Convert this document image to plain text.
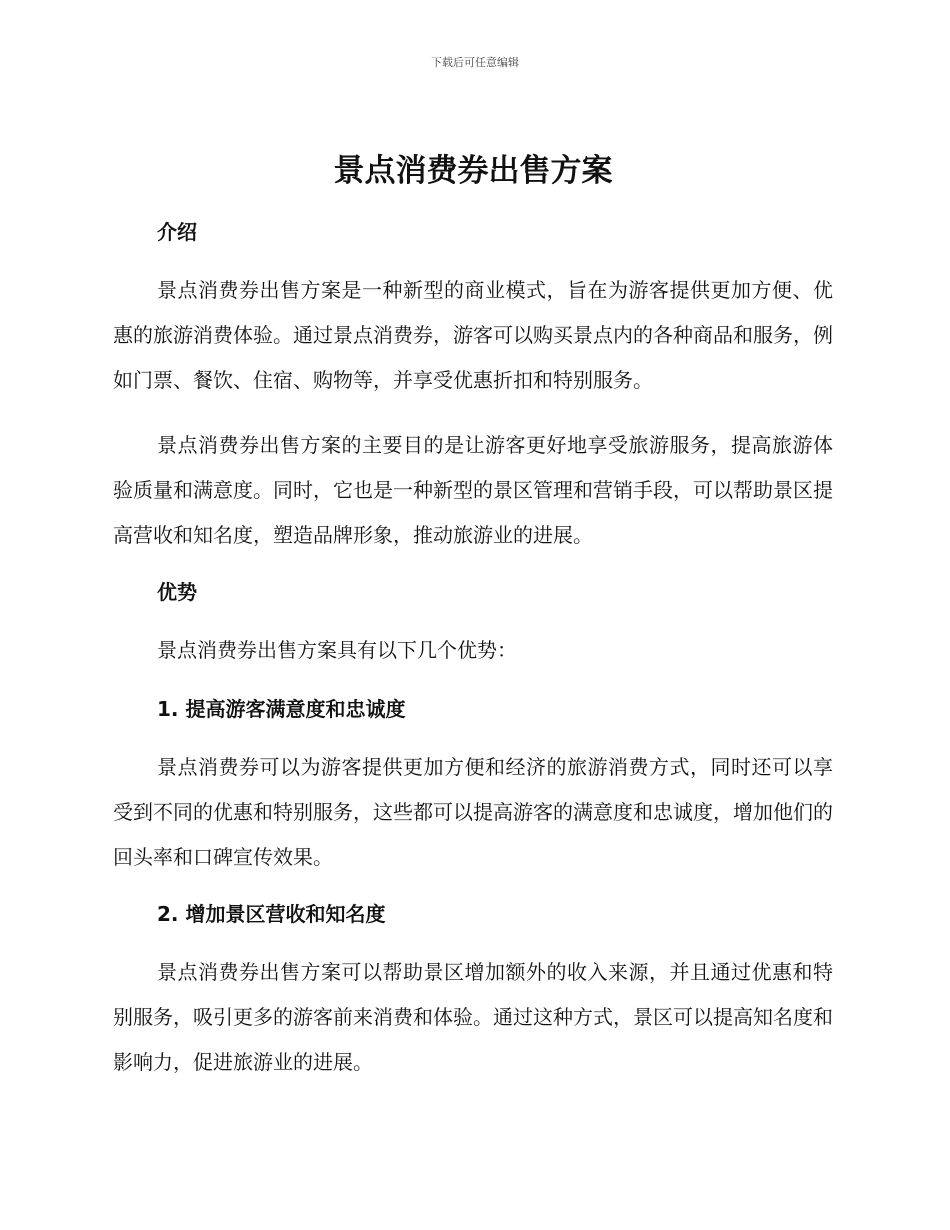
下载后可任意编辑
景点消费券出售方案
介绍
景点消费券出售方案是一种新型的商业模式，旨在为游客提供更加方便、优惠的旅游消费体验。通过景点消费券，游客可以购买景点内的各种商品和服务，例如门票、餐饮、住宿、购物等，并享受优惠折扣和特别服务。
景点消费券出售方案的主要目的是让游客更好地享受旅游服务，提高旅游体验质量和满意度。同时，它也是一种新型的景区管理和营销手段，可以帮助景区提高营收和知名度，塑造品牌形象，推动旅游业的进展。
优势
景点消费券出售方案具有以下几个优势：
1. 提高游客满意度和忠诚度
景点消费券可以为游客提供更加方便和经济的旅游消费方式，同时还可以享受到不同的优惠和特别服务，这些都可以提高游客的满意度和忠诚度，增加他们的回头率和口碑宣传效果。
2. 增加景区营收和知名度
景点消费券出售方案可以帮助景区增加额外的收入来源，并且通过优惠和特别服务，吸引更多的游客前来消费和体验。通过这种方式，景区可以提高知名度和影响力，促进旅游业的进展。
